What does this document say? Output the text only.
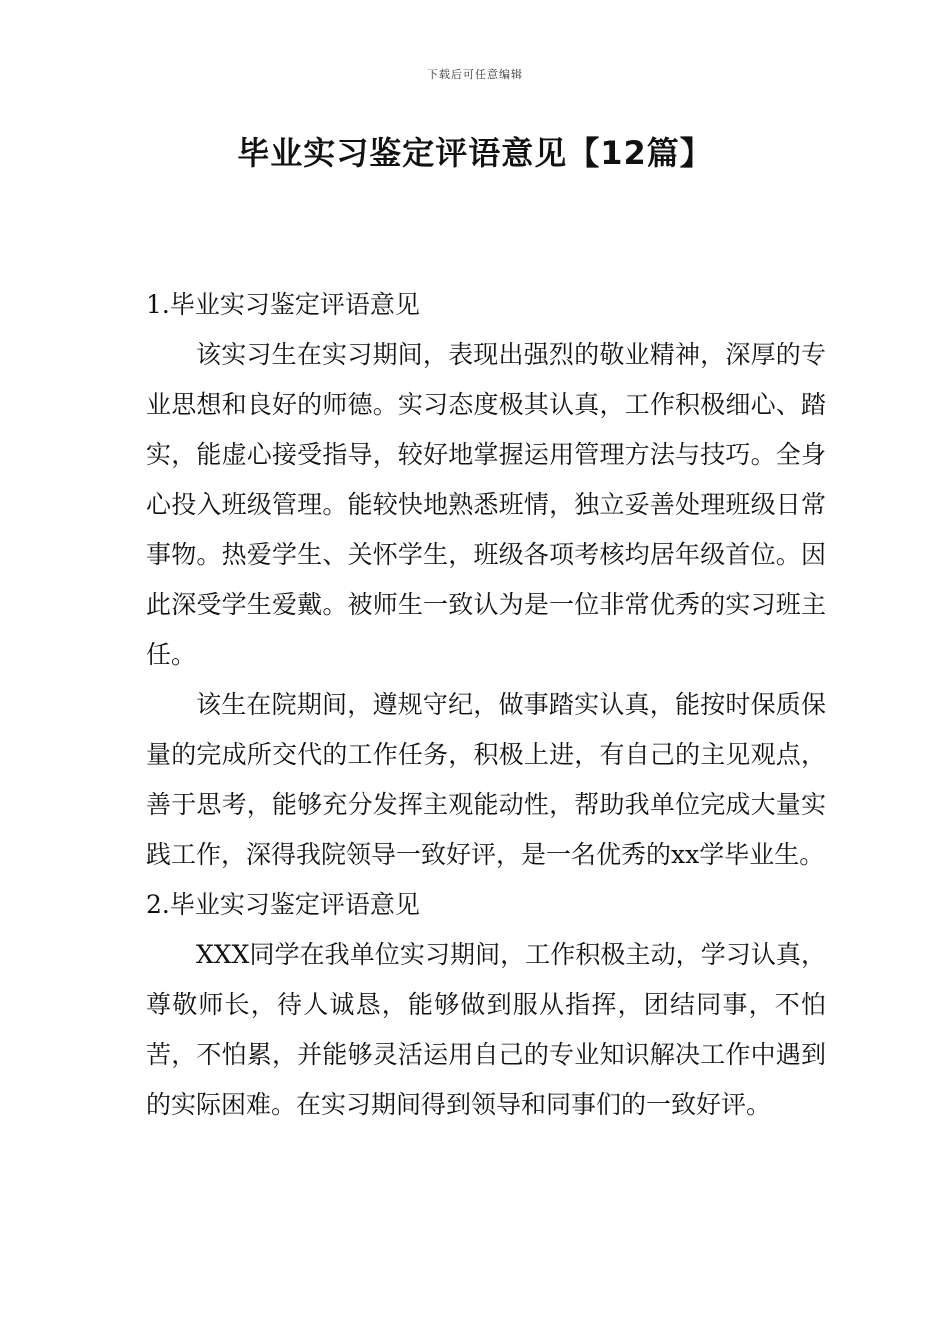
下载后可任意编辑
毕业实习鉴定评语意见【12篇】

1.毕业实习鉴定评语意见

该实习生在实习期间，表现出强烈的敬业精神，深厚的专业思想和良好的师德。实习态度极其认真，工作积极细心、踏实，能虚心接受指导，较好地掌握运用管理方法与技巧。全身心投入班级管理。能较快地熟悉班情，独立妥善处理班级日常事物。热爱学生、关怀学生，班级各项考核均居年级首位。因此深受学生爱戴。被师生一致认为是一位非常优秀的实习班主任。

该生在院期间，遵规守纪，做事踏实认真，能按时保质保量的完成所交代的工作任务，积极上进，有自己的主见观点，善于思考，能够充分发挥主观能动性，帮助我单位完成大量实践工作，深得我院领导一致好评，是一名优秀的xx学毕业生。

2.毕业实习鉴定评语意见

XXX同学在我单位实习期间，工作积极主动，学习认真，尊敬师长，待人诚恳，能够做到服从指挥，团结同事，不怕苦，不怕累，并能够灵活运用自己的专业知识解决工作中遇到的实际困难。在实习期间得到领导和同事们的一致好评。
